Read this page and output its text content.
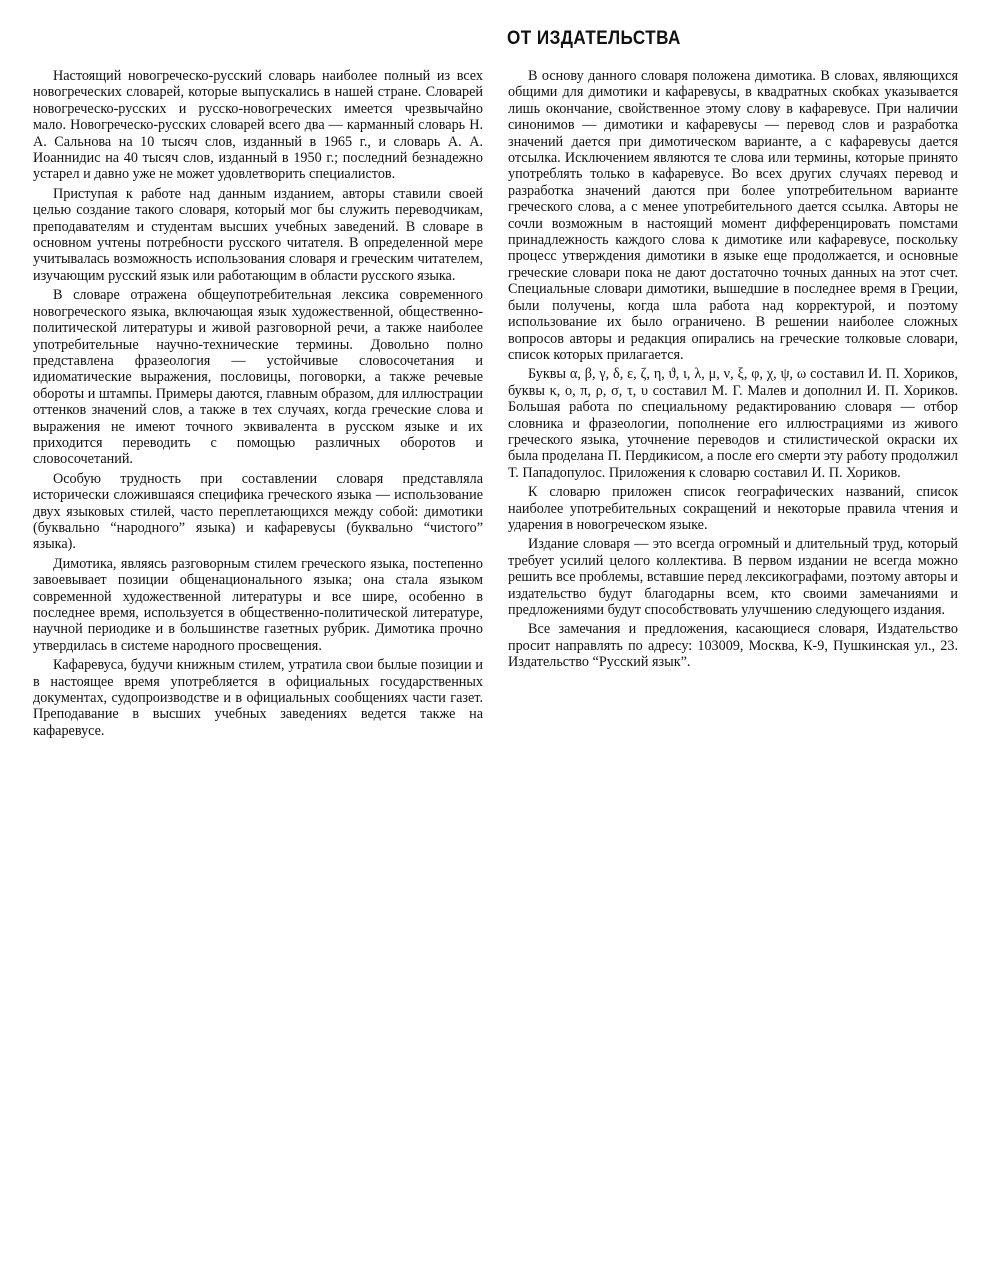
ОТ ИЗДАТЕЛЬСТВА

Настоящий новогреческо-русский словарь наиболее полный из всех новогреческих словарей, которые выпускались в нашей стране. Словарей новогреческо-русских и русско-новогреческих имеется чрезвычайно мало. Новогреческо-русских словарей всего два — карманный словарь Н. А. Сальнова на 10 тысяч слов, изданный в 1965 г., и словарь А. А. Иоаннидис на 40 тысяч слов, изданный в 1950 г.; последний безнадежно устарел и давно уже не может удовлетворить специалистов.

Приступая к работе над данным изданием, авторы ставили своей целью создание такого словаря, который мог бы служить переводчикам, преподавателям и студентам высших учебных заведений. В словаре в основном учтены потребности русского читателя. В определенной мере учитывалась возможность использования словаря и греческим читателем, изучающим русский язык или работающим в области русского языка.

В словаре отражена общеупотребительная лексика современного новогреческого языка, включающая язык художественной, общественно-политической литературы и живой разговорной речи, а также наиболее употребительные научно-технические термины. Довольно полно представлена фразеология — устойчивые словосочетания и идиоматические выражения, пословицы, поговорки, а также речевые обороты и штампы. Примеры даются, главным образом, для иллюстрации оттенков значений слов, а также в тех случаях, когда греческие слова и выражения не имеют точного эквивалента в русском языке и их приходится переводить с помощью различных оборотов и словосочетаний.

Особую трудность при составлении словаря представляла исторически сложившаяся специфика греческого языка — использование двух языковых стилей, часто переплетающихся между собой: димотики (буквально “народного” языка) и кафаревусы (буквально “чистого” языка).

Димотика, являясь разговорным стилем греческого языка, постепенно завоевывает позиции общенационального языка; она стала языком современной художественной литературы и все шире, особенно в последнее время, используется в общественно-политической литературе, научной периодике и в большинстве газетных рубрик. Димотика прочно утвердилась в системе народного просвещения.

Кафаревуса, будучи книжным стилем, утратила свои былые позиции и в настоящее время употребляется в официальных государственных документах, судопроизводстве и в официальных сообщениях части газет. Преподавание в высших учебных заведениях ведется также на кафаревусе.

В основу данного словаря положена димотика. В словах, являющихся общими для димотики и кафаревусы, в квадратных скобках указывается лишь окончание, свойственное этому слову в кафаревусе. При наличии синонимов — димотики и кафаревусы — перевод слов и разработка значений дается при димотическом варианте, а с кафаревусы дается отсылка. Исключением являются те слова или термины, которые принято употреблять только в кафаревусе. Во всех других случаях перевод и разработка значений даются при более употребительном варианте греческого слова, а с менее употребительного дается ссылка. Авторы не сочли возможным в настоящий момент дифференцировать помстами принадлежность каждого слова к димотике или кафаревусе, поскольку процесс утверждения димотики в языке еще продолжается, и основные греческие словари пока не дают достаточно точных данных на этот счет. Специальные словари димотики, вышедшие в последнее время в Греции, были получены, когда шла работа над корректурой, и поэтому использование их было ограничено. В решении наиболее сложных вопросов авторы и редакция опирались на греческие толковые словари, список которых прилагается.

Буквы α, β, γ, δ, ε, ζ, η, ϑ, ι, λ, μ, ν, ξ, φ, χ, ψ, ω составил И. П. Хориков, буквы κ, ο, π, ρ, σ, τ, υ составил М. Г. Малев и дополнил И. П. Хориков. Большая работа по специальному редактированию словаря — отбор словника и фразеологии, пополнение его иллюстрациями из живого греческого языка, уточнение переводов и стилистической окраски их была проделана П. Пердикисом, а после его смерти эту работу продолжил Т. Пападопулос. Приложения к словарю составил И. П. Хориков.

К словарю приложен список географических названий, список наиболее употребительных сокращений и некоторые правила чтения и ударения в новогреческом языке.

Издание словаря — это всегда огромный и длительный труд, который требует усилий целого коллектива. В первом издании не всегда можно решить все проблемы, вставшие перед лексикографами, поэтому авторы и издательство будут благодарны всем, кто своими замечаниями и предложениями будут способствовать улучшению следующего издания.

Все замечания и предложения, касающиеся словаря, Издательство просит направлять по адресу: 103009, Москва, К-9, Пушкинская ул., 23. Издательство “Русский язык”.
